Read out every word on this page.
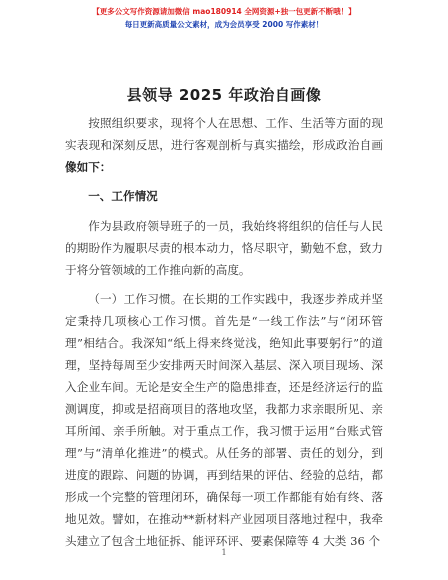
【更多公文写作资源请加微信 mao180914 全网资源+独一包更新不断哦！】
每日更新高质量公文素材，成为会员享受 2000 写作素材！
县领导 2025 年政治自画像

按照组织要求，现将个人在思想、工作、生活等方面的现实表现和深刻反思，进行客观剖析与真实描绘，形成政治自画像如下：

一、工作情况

作为县政府领导班子的一员，我始终将组织的信任与人民的期盼作为履职尽责的根本动力，恪尽职守，勤勉不怠，致力于将分管领域的工作推向新的高度。

（一）工作习惯。在长期的工作实践中，我逐步养成并坚定秉持几项核心工作习惯。首先是“一线工作法”与“闭环管理”相结合。我深知“纸上得来终觉浅，绝知此事要躬行”的道理，坚持每周至少安排两天时间深入基层、深入项目现场、深入企业车间。无论是安全生产的隐患排查，还是经济运行的监测调度，抑或是招商项目的落地攻坚，我都力求亲眼所见、亲耳所闻、亲手所触。对于重点工作，我习惯于运用“台账式管理”与“清单化推进”的模式。从任务的部署、责任的划分，到进度的跟踪、问题的协调，再到结果的评估、经验的总结，都形成一个完整的管理闭环，确保每一项工作都能有始有终、落地见效。譬如，在推动**新材料产业园项目落地过程中，我牵头建立了包含土地征拆、能评环评、要素保障等 4 大类 36 个

1
